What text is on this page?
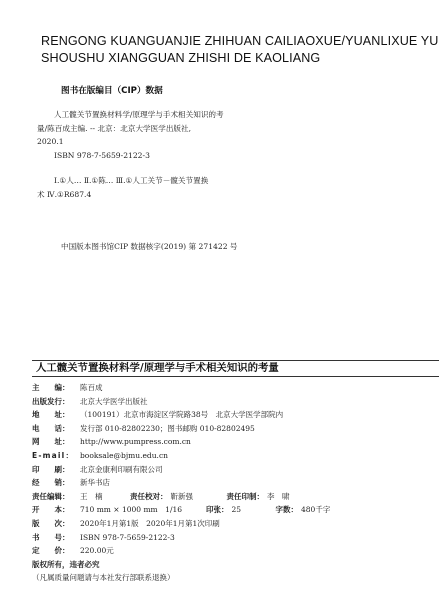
RENGONG KUANGUANJIE ZHIHUAN CAILIAOXUE/YUANLIXUE YU
SHOUSHU XIANGGUAN ZHISHI DE KAOLIANG
图书在版编目（CIP）数据
人工髋关节置换材料学/原理学与手术相关知识的考
量/陈百成主编. -- 北京：北京大学医学出版社,
2020.1
ISBN 978-7-5659-2122-3
Ⅰ.①人… Ⅱ.①陈… Ⅲ.①人工关节－髋关节置换
术 Ⅳ.①R687.4
中国版本图书馆CIP 数据核字(2019) 第 271422 号
人工髋关节置换材料学/原理学与手术相关知识的考量
主　　编：	陈百成
出版发行：	北京大学医学出版社
地　　址：	（100191）北京市海淀区学院路38号　北京大学医学部院内
电　　话：	发行部 010-82802230；图书邮购 010-82802495
网　　址：	http://www.pumpress.com.cn
E-mail： booksale@bjmu.edu.cn
印　　刷：	北京金康利印刷有限公司
经　　销：	新华书店
责任编辑：	王　楠	责任校对： 靳新强	责任印制： 李　啸
开　　本：	710 mm × 1000 mm　1/16	印张： 25	字数： 480千字
版　　次：	2020年1月第1版　2020年1月第1次印刷
书　　号：	ISBN 978-7-5659-2122-3
定　　价：	220.00元
版权所有，违者必究
（凡属质量问题请与本社发行部联系退换）
